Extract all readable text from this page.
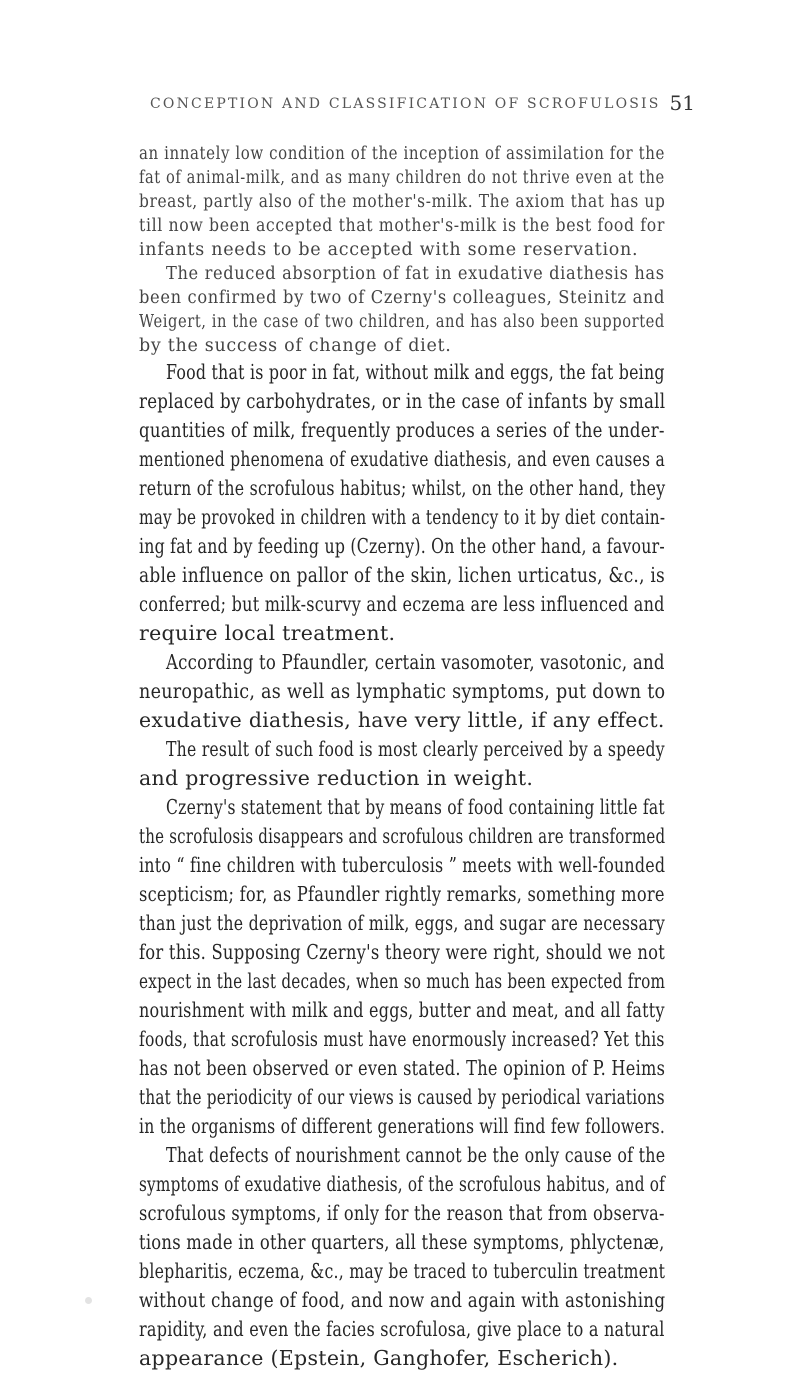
CONCEPTION AND CLASSIFICATION OF SCROFULOSIS 51
an innately low condition of the inception of assimilation for the
fat of animal-milk, and as many children do not thrive even at the
breast, partly also of the mother's-milk. The axiom that has up
till now been accepted that mother's-milk is the best food for
infants needs to be accepted with some reservation.
The reduced absorption of fat in exudative diathesis has
been confirmed by two of Czerny's colleagues, Steinitz and
Weigert, in the case of two children, and has also been supported
by the success of change of diet.
Food that is poor in fat, without milk and eggs, the fat being
replaced by carbohydrates, or in the case of infants by small
quantities of milk, frequently produces a series of the under-
mentioned phenomena of exudative diathesis, and even causes a
return of the scrofulous habitus; whilst, on the other hand, they
may be provoked in children with a tendency to it by diet contain-
ing fat and by feeding up (Czerny). On the other hand, a favour-
able influence on pallor of the skin, lichen urticatus, &c., is
conferred; but milk-scurvy and eczema are less influenced and
require local treatment.
According to Pfaundler, certain vasomoter, vasotonic, and
neuropathic, as well as lymphatic symptoms, put down to
exudative diathesis, have very little, if any effect.
The result of such food is most clearly perceived by a speedy
and progressive reduction in weight.
Czerny's statement that by means of food containing little fat
the scrofulosis disappears and scrofulous children are transformed
into “ fine children with tuberculosis ” meets with well-founded
scepticism; for, as Pfaundler rightly remarks, something more
than just the deprivation of milk, eggs, and sugar are necessary
for this. Supposing Czerny's theory were right, should we not
expect in the last decades, when so much has been expected from
nourishment with milk and eggs, butter and meat, and all fatty
foods, that scrofulosis must have enormously increased? Yet this
has not been observed or even stated. The opinion of P. Heims
that the periodicity of our views is caused by periodical variations
in the organisms of different generations will find few followers.
That defects of nourishment cannot be the only cause of the
symptoms of exudative diathesis, of the scrofulous habitus, and of
scrofulous symptoms, if only for the reason that from observa-
tions made in other quarters, all these symptoms, phlyctenæ,
blepharitis, eczema, &c., may be traced to tuberculin treatment
without change of food, and now and again with astonishing
rapidity, and even the facies scrofulosa, give place to a natural
appearance (Epstein, Ganghofer, Escherich).
